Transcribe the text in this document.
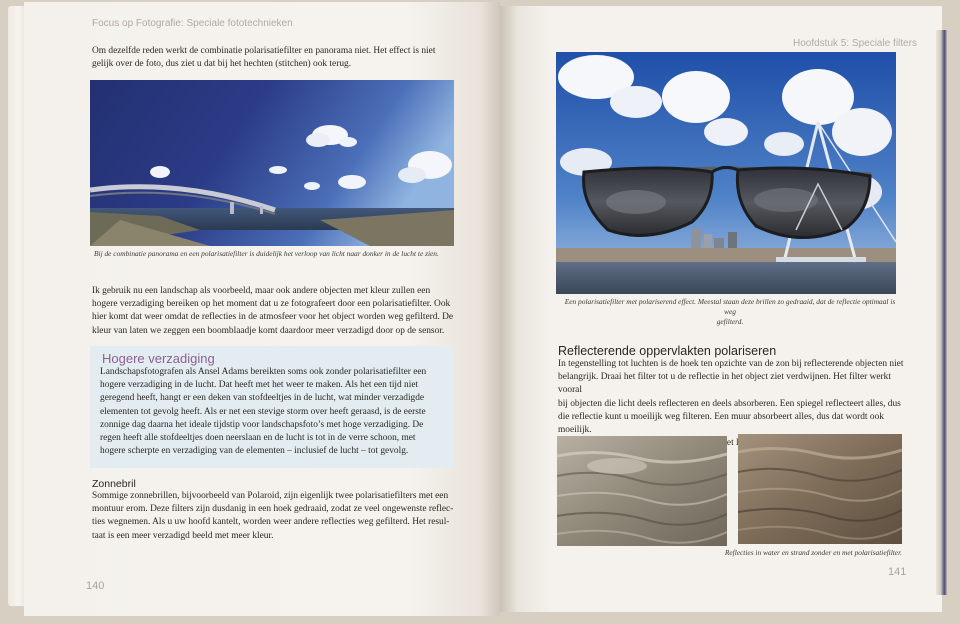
Focus op Fotografie: Speciale fototechnieken
Om dezelfde reden werkt de combinatie polarisatiefilter en panorama niet. Het effect is niet
gelijk over de foto, dus ziet u dat bij het hechten (stitchen) ook terug.
Bij de combinatie panorama en een polarisatiefilter is duidelijk het verloop van licht naar donker in de lucht te zien.
Ik gebruik nu een landschap als voorbeeld, maar ook andere objecten met kleur zullen een
hogere verzadiging bereiken op het moment dat u ze fotografeert door een polarisatiefilter. Ook
hier komt dat weer omdat de reflecties in de atmosfeer voor het object worden weg gefilterd. De
kleur van laten we zeggen een boomblaadje komt daardoor meer verzadigd door op de sensor.
Hogere verzadiging
Landschapsfotografen als Ansel Adams bereikten soms ook zonder polarisatiefilter een
hogere verzadiging in de lucht. Dat heeft met het weer te maken. Als het een tijd niet
geregend heeft, hangt er een deken van stofdeeltjes in de lucht, wat minder verzadigde
elementen tot gevolg heeft. Als er net een stevige storm over heeft geraasd, is de eerste
zonnige dag daarna het ideale tijdstip voor landschapsfoto’s met hoge verzadiging. De
regen heeft alle stofdeeltjes doen neerslaan en de lucht is tot in de verre schoon, met
hogere scherpte en verzadiging van de elementen – inclusief de lucht – tot gevolg.
Zonnebril
Sommige zonnebrillen, bijvoorbeeld van Polaroid, zijn eigenlijk twee polarisatiefilters met een
montuur erom. Deze filters zijn dusdanig in een hoek gedraaid, zodat ze veel ongewenste reflec-
ties wegnemen. Als u uw hoofd kantelt, worden weer andere reflecties weg gefilterd. Het resul-
taat is een meer verzadigd beeld met meer kleur.
140
Hoofdstuk 5: Speciale filters
Een polarisatiefilter met polariserend effect. Meestal staan deze brillen zo gedraaid, dat de reflectie optimaal is weg
gefilterd.
Reflecterende oppervlakten polariseren
In tegenstelling tot luchten is de hoek ten opzichte van de zon bij reflecterende objecten niet
belangrijk. Draai het filter tot u de reflectie in het object ziet verdwijnen. Het filter werkt vooral
bij objecten die licht deels reflecteren en deels absorberen. Een spiegel reflecteert alles, dus
die reflectie kunt u moeilijk weg filteren. Een muur absorbeert alles, dus dat wordt ook moeilijk.
Reflecties in water en strand zonder en met polarisatiefilter.
141
